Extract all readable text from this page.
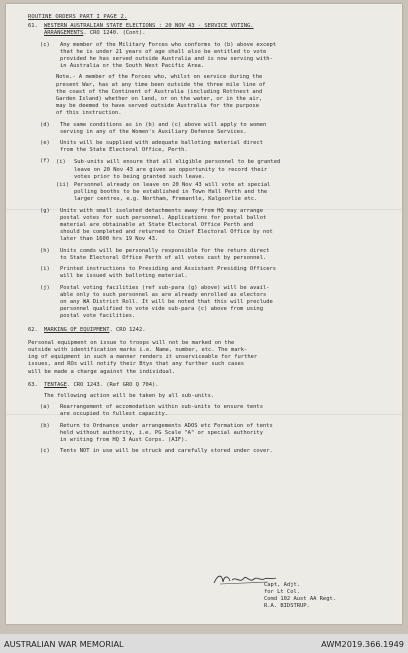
ROUTINE ORDERS PART I PAGE 2.
61.	WESTERN AUSTRALIAN STATE ELECTIONS : 20 NOV 43 - SERVICE VOTING.
ARRANGEMENTS. CRO 1240. (Cont).
(c)	Any member of the Military Forces who conforms to (b) above except
that he is under 21 years of age shall also be entitled to vote
provided he has served outside Australia and is now serving with-
in Australia or the South West Pacific Area.
Note.- A member of the Forces who, whilst on service during the
present War, has at any time been outside the three mile line of
the coast of the Continent of Australia (including Rottnest and
Garden Island) whether on land, or on the water, or in the air,
may be deemed to have served outside Australia for the purpose
of this instruction.
(d)	The same conditions as in (b) and (c) above will apply to women
serving in any of the Women's Auxiliary Defence Services.
(e)	Units will be supplied with adequate balloting material direct
from the State Electoral Office, Perth.
(f)	(i)	Sub-units will ensure that all eligible personnel to be granted
leave on 20 Nov 43 are given an opportunity to record their
votes prior to being granted such leave.
(ii) Personnel already on leave on 20 Nov 43 will vote at special
polling booths to be established in Town Hall Perth and the
larger centres, e.g. Northam, Fremantle, Kalgoorlie etc.
(g)	Units with small isolated detachments away from HQ may arrange
postal votes for such personnel. Applications for postal ballot
material are obtainable at State Electoral Office Perth and
should be completed and returned to Chief Electoral Office by not
later than 1600 hrs 19 Nov 43.
(h)	Units comds will be personally responsible for the return direct
to State Electoral Office Perth of all votes cast by personnel.
(i)	Printed instructions to Presiding and Assistant Presiding Officers
will be issued with balloting material.
(j)	Postal voting facilities (ref sub-para (g) above) will be avail-
able only to such personnel as are already enrolled as electors
on any WA District Roll. It will be noted that this will preclude
personnel qualified to vote vide sub-para (c) above from using
postal vote facilities.
62.	MARKING OF EQUIPMENT. CRO 1242.
Personal equipment on issue to troops will not be marked on the
outside with identification marks i.e. Name, number, etc. The mark-
ing of equipment in such a manner renders it unserviceable for further
issues, and ROs will notify their Btys that any further such cases
will be made a charge against the individual.
63.	TENTAGE. CRO 1243. (Ref GRO Q 704).
The following action will be taken by all sub-units.
(a)	Rearrangement of accomodation within sub-units to ensure tents
are occupied to fullest capacity.
(b)	Return to Ordnance under arrangements ADOS etc Formation of tents
held without authority, i.e. PG Scale "A" or special authority
in writing from HQ 3 Aust Corps. (AIF).
(c)	Tents NOT in use will be struck and carefully stored under cover.
Capt, Adjt.
for Lt Col.
Comd 102 Aust AA Regt.
R.A. BIDSTRUP.
AUSTRALIAN WAR MEMORIAL	AWM2019.366.1949
